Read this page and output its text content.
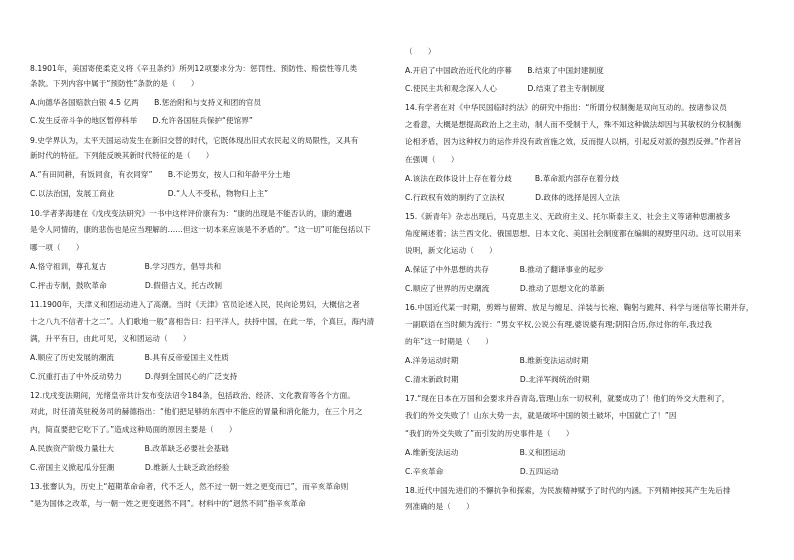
8.1901年，美国寄使柔克义将《辛丑条约》所列12项要求分为：惩罚性、预防性、赔偿性等几类
条款。下列内容中属于“预防性”条款的是（　　）
A.向德华各国赔款白银 4.5 亿两　　B.惩治附和与支持义和团的官员
C.发生反帝斗争的地区暂停科举　　D.允许各国驻兵保护“使馆界”
9.史学界认为，太平天国运动发生在新旧交替的时代，它既体现出旧式农民起义的局限性，又具有
新时代的特征。下列能反映其新时代特征的是（　　）
A.“有田同耕，有饭同食，有衣同穿”　　B.不论男女，按人口和年龄平分土地
C.以法治国，发展工商业　　　　　　　D.“人人不受私，物物归上主”
10.学者茅海建在《戊戌变法研究》一书中这样评价康有为：“康的出现是不能否认的，康的遭遇
是令人同情的，康的悲伤也是应当理解的……但这一切本来应该是不矛盾的”。“这一切”可能包括以下
哪一项（　　）
A.恪守祖训，尊孔复古　　　　　B.学习西方，倡导共和
C.抨击专制，鼓吹革命　　　　　D.假借古义，托古改制
11.1900年，天津义和团运动进入了高潮。当时《天津》官员论述入民，民向论男妇，大概信之者
十之八九不信者十之二”。人们歌地一般“喜相告曰：扫平洋人，扶持中国，在此一举，个真巨，海内清
满，升平有日，由此可见，义和团运动（　　）
A.顺应了历史发展的潮流　　　　B.具有反帝爱国主义性质
C.沉重打击了中外反动势力　　　D.得到全国民心的广泛支持
12.戊戌变法期间，光绪皇帝共计发布变法诏令184条，包括政治、经济、文化教育等各个方面。
对此，时任清英驻税务司的赫德指出：“他们把足够的东西中不能应的胃量和消化能力，在三个月之
内，简直要把它吃下了。”造成这种局面的原因主要是（　　）
A.民族资产阶级力量壮大　　　　B.改革缺乏必要社会基础
C.帝国主义掀起瓜分狂潮　　　　D.维新人士缺乏政治经验
13.张謇认为，历史上“超期革命命者，代不乏人，然不过一朝一姓之更变而已”，而辛亥革命则
“是为国体之改革，与一朝一姓之更变迥然不同”。材料中的“迥然不同”指辛亥革命
（　　）
A.开启了中国政治近代化的序幕　　B.结束了中国封建制度
C.使民主共和观念深入人心　　　　D.结束了君主专制制度
14.有学者在对《中华民国临时约法》的研究中指出：“所谓分权制衡是双向互动的。按诸参议员
之看意，大概是想提高政治上之主动，制人而不受制于人，殊不知这种做法却因与其敏权的分权制衡
论相矛盾，因为这种权力的运作并没有政首施之效，反而提人以柄，引起反对派的强烈反弹。”作者旨
在强调（　　）
A.该法在政体设计上存在着分歧　　　B.革命派内部存在着分歧
C.行政权有效的制约了立法权　　　　D.政体的选择是因人立法
15.《新青年》杂志出现后，马克思主义、无政府主义、托尔斯泰主义、社会主义等诸种思潮被多
角度阐述着；法兰西文化、俄国思想、日本文化、美国社会制度都在编辑的视野里闪动。这可以用来
说明，新文化运动（　　）
A.保证了中外思想的共存　　　　B.推动了翻译事业的起步
C.顺应了世界的历史潮流　　　　D.推动了思想文化的革新
16.中国近代某一时期，剪辫与留辫、放足与缠足、洋装与长袍、鞠躬与跪拜、科学与迷信等长期并存，
一副联语在当时颇为流行：“男女平权,公说公有理,婆说婆有理;阴阳合历,你过你的年,我过我
的年”这一时期是（　　）
A.洋务运动时期　　　　　　　　B.维新变法运动时期
C.清末新政时期　　　　　　　　D.北洋军阀统治时期
17.“现在日本在万国和会要求并吞青岛,管理山东一切权利，就要成功了！他们的外交大胜利了，
我们的外交失败了！山东大势一去，就是破坏中国的领土破坏，中国就亡了！”因
“我们的外交失败了”而引发的历史事件是（　　）
A.维新变法运动　　　　　　　　B.义和团运动
C.辛亥革命　　　　　　　　　　D.五四运动
18.近代中国先进们的不懈抗争和探索，为民族精神赋予了时代的内涵。下列精神按其产生先后排
列准确的是（　　）
